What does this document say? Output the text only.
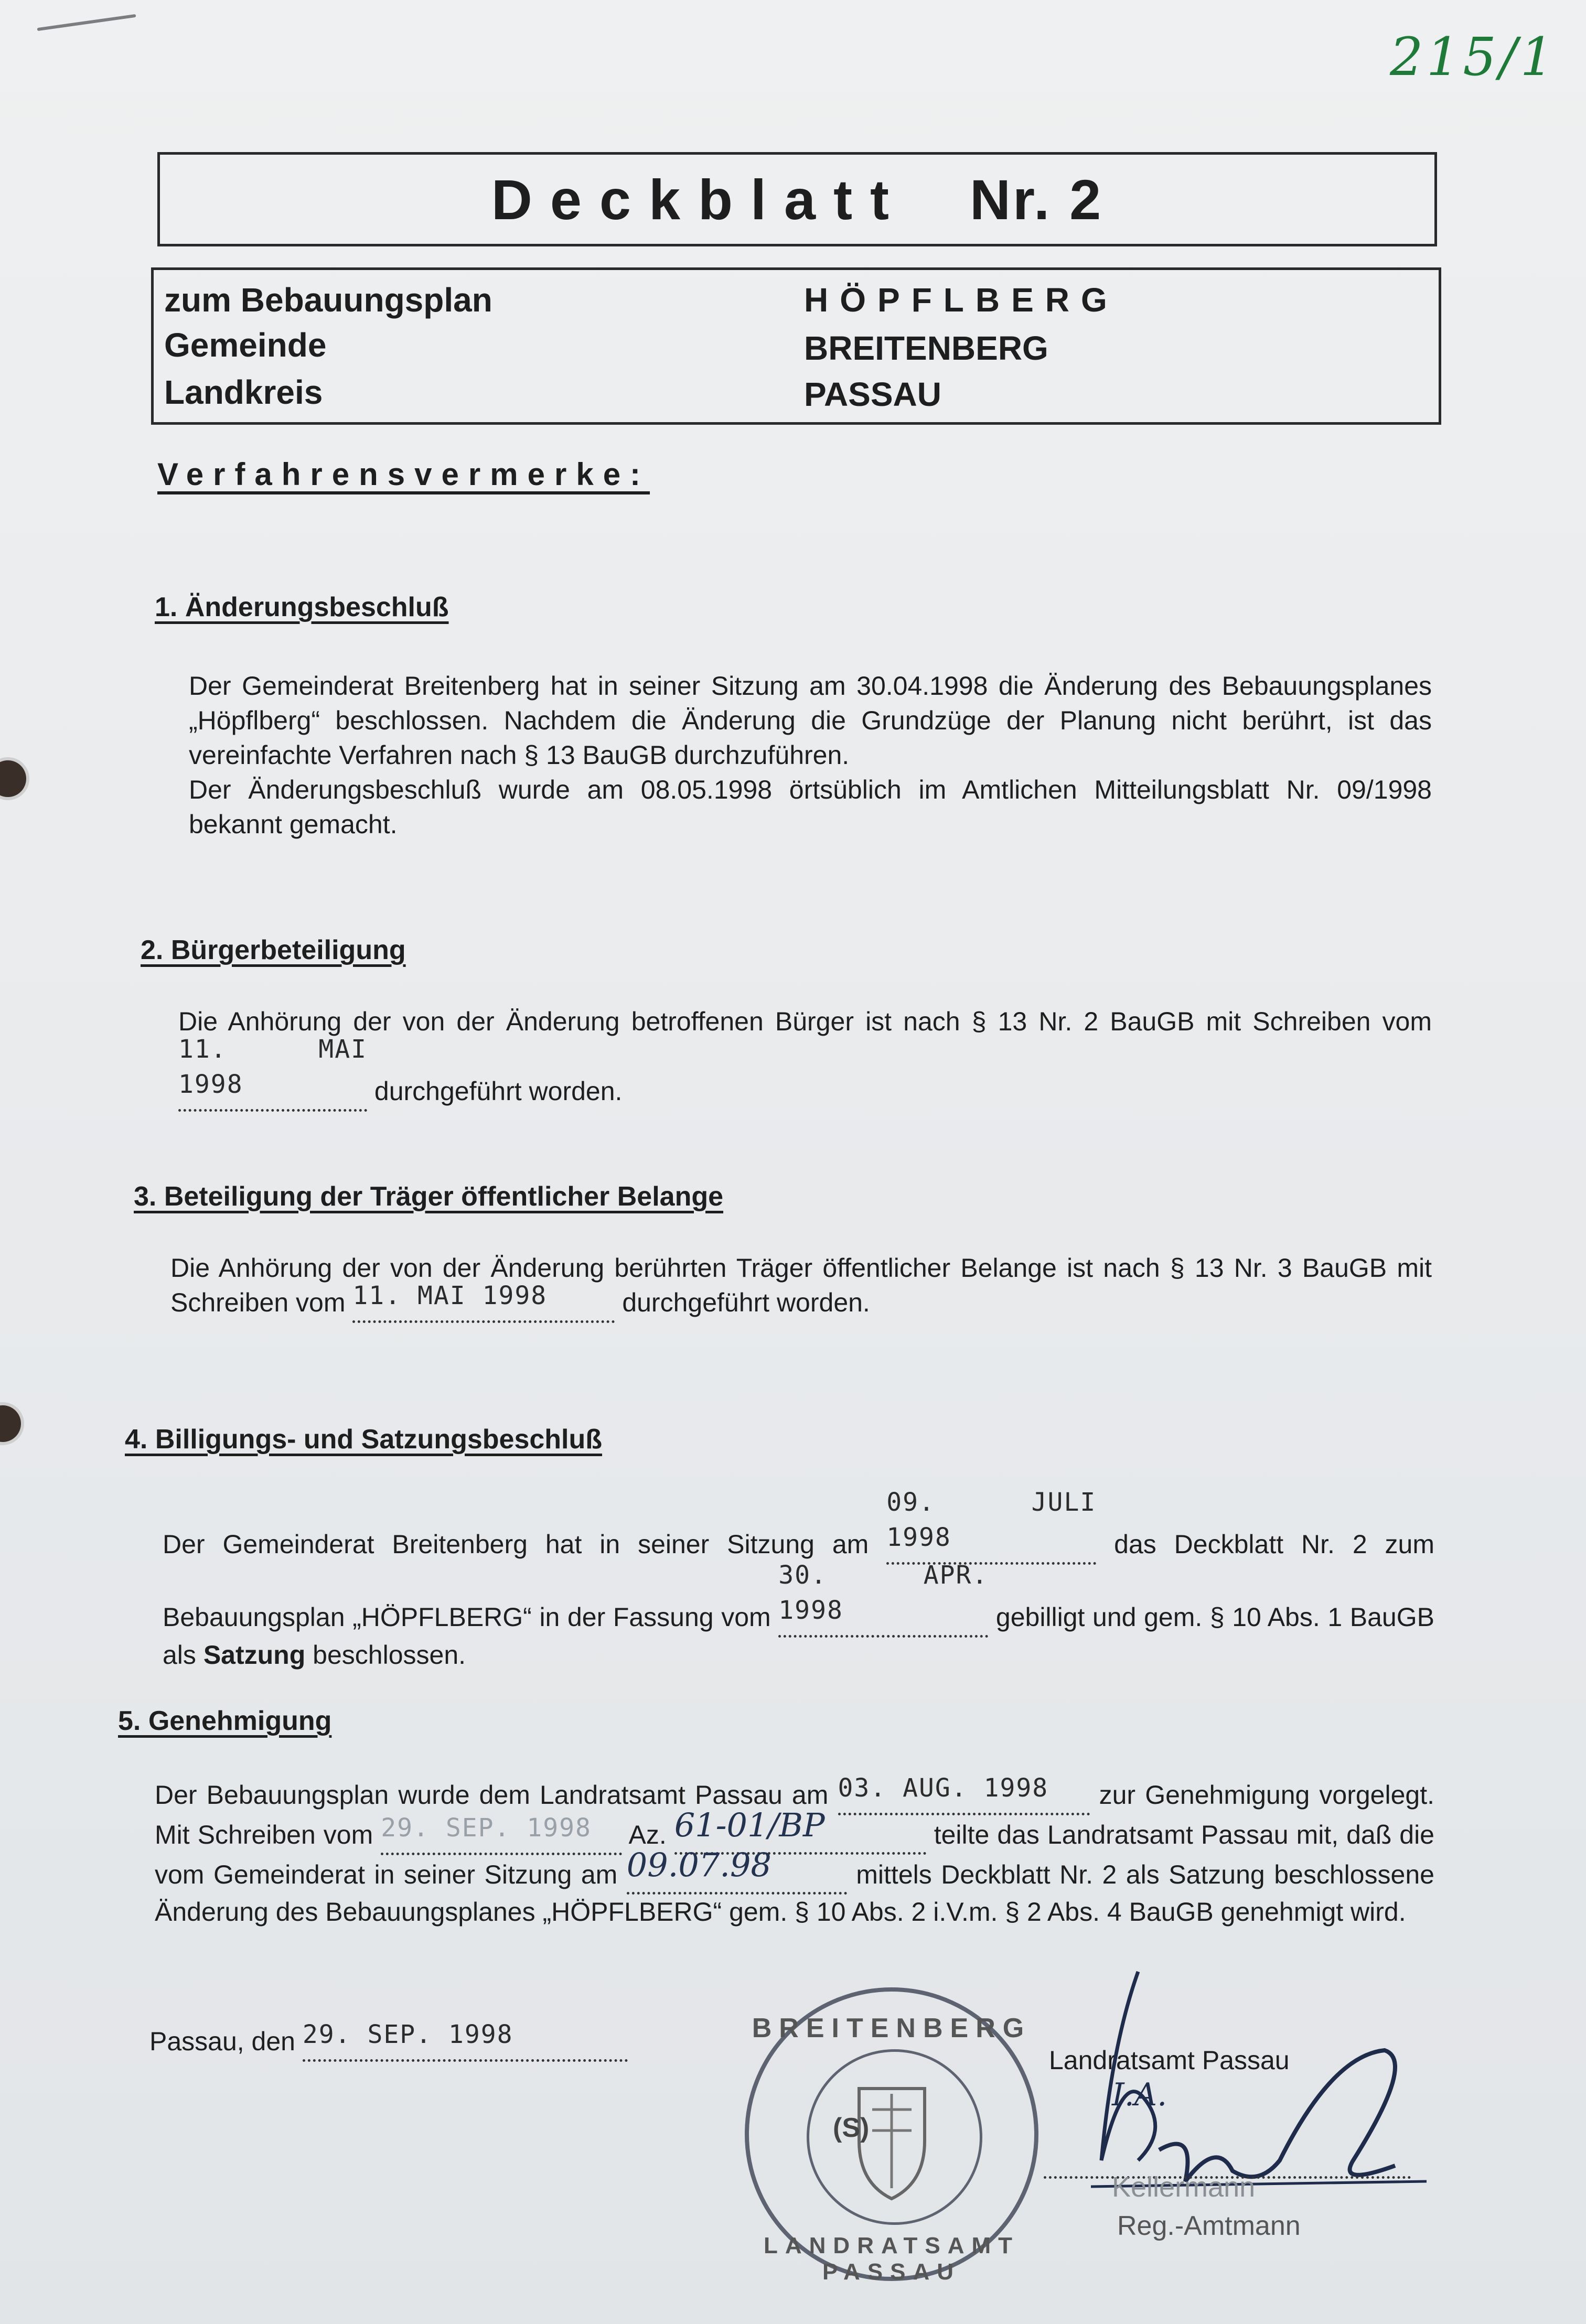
215/1
Deckblatt Nr. 2
zum Bebauungsplan	HÖPFLBERG
Gemeinde	BREITENBERG
Landkreis	PASSAU
Verfahrensvermerke:
1. Änderungsbeschluß
Der Gemeinderat Breitenberg hat in seiner Sitzung am 30.04.1998 die Änderung des Bebauungsplanes „Höpflberg“ beschlossen. Nachdem die Änderung die Grundzüge der Planung nicht berührt, ist das vereinfachte Verfahren nach § 13 BauGB durchzuführen.
Der Änderungsbeschluß wurde am 08.05.1998 örtsüblich im Amtlichen Mitteilungsblatt Nr. 09/1998 bekannt gemacht.
2. Bürgerbeteiligung
Die Anhörung der von der Änderung betroffenen Bürger ist nach § 13 Nr. 2 BauGB mit Schreiben vom 11. MAI 1998	durchgeführt worden.
3. Beteiligung der Träger öffentlicher Belange
Die Anhörung der von der Änderung berührten Träger öffentlicher Belange ist nach § 13 Nr. 3 BauGB mit Schreiben vom 11. MAI 1998	durchgeführt worden.
4. Billigungs- und Satzungsbeschluß
Der Gemeinderat Breitenberg hat in seiner Sitzung am 09. JULI 1998	das Deckblatt Nr. 2 zum Bebauungsplan „HÖPFLBERG“ in der Fassung vom 30. APR. 1998	gebilligt und gem. § 10 Abs. 1 BauGB als Satzung beschlossen.
5. Genehmigung
Der Bebauungsplan wurde dem Landratsamt Passau am 03. AUG. 1998 zur Genehmigung vorgelegt. Mit Schreiben vom 29. SEP. 1998 Az. 61-01/BP	teilte das Landratsamt Passau mit, daß die vom Gemeinderat in seiner Sitzung am 09.07.98	mittels Deckblatt Nr. 2 als Satzung beschlossene Änderung des Bebauungsplanes „HÖPFLBERG“ gem. § 10 Abs. 2 i.V.m. § 2 Abs. 4 BauGB genehmigt wird.
Passau, den 29. SEP. 1998	BREITENBERG
(S)
LANDRATSAMT PASSAU
Landratsamt Passau
I.A.
Kellermann
Reg.-Amtmann
